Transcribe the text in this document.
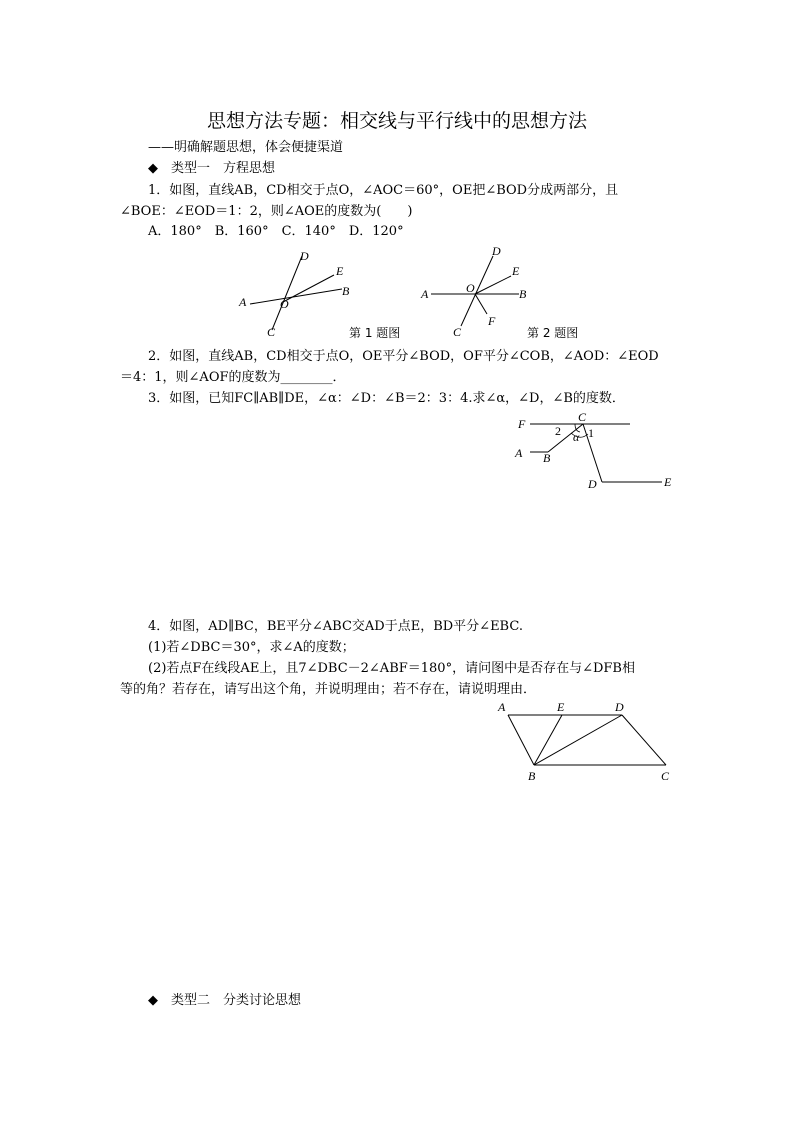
思想方法专题：相交线与平行线中的思想方法
——明确解题思想，体会便捷渠道
◆　类型一　方程思想
1．如图，直线AB，CD相交于点O，∠AOC＝60°，OE把∠BOD分成两部分，且
∠BOE：∠EOD＝1：2，则∠AOE的度数为(　　)
A．180°　B．160°　C．140°　D．120°
D
E
A	O
B
C	第 1 题图
D
E
A	O	B
C
F
第 2 题图
2．如图，直线AB，CD相交于点O，OE平分∠BOD，OF平分∠COB，∠AOD：∠EOD
＝4：1，则∠AOF的度数为________．
3．如图，已知FC∥AB∥DE，∠α：∠D：∠B＝2：3：4.求∠α，∠D，∠B的度数．
F	C
2 α 1
A B
D	E
4．如图，AD∥BC，BE平分∠ABC交AD于点E，BD平分∠EBC.
(1)若∠DBC＝30°，求∠A的度数；
(2)若点F在线段AE上，且7∠DBC－2∠ABF＝180°，请问图中是否存在与∠DFB相
等的角？若存在，请写出这个角，并说明理由；若不存在，请说明理由．
A	E	D
B	C
◆　类型二　分类讨论思想
